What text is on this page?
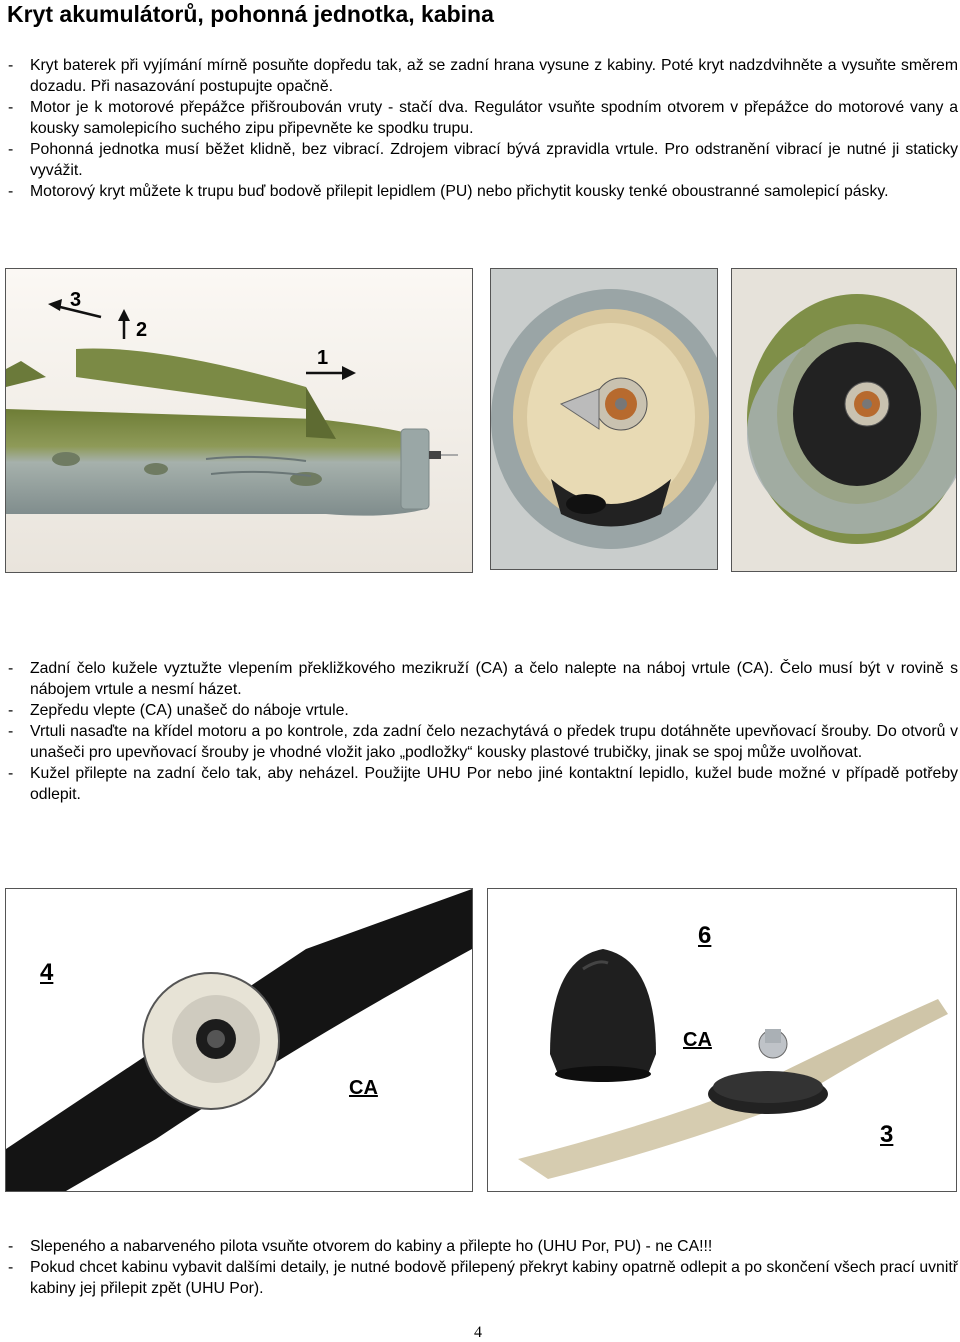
Kryt akumulátorů, pohonná jednotka, kabina
- Kryt baterek při vyjímání mírně posuňte dopředu tak, až se zadní hrana vysune z kabiny. Poté kryt nadzdvihněte a vysuňte směrem dozadu. Při nasazování postupujte opačně.
- Motor je k motorové přepážce přišroubován vruty - stačí dva. Regulátor vsuňte spodním otvorem v přepážce do motorové vany a kousky samolepicího suchého zipu připevněte ke spodku trupu.
- Pohonná jednotka musí běžet klidně, bez vibrací. Zdrojem vibrací bývá zpravidla vrtule. Pro odstranění vibrací je nutné ji staticky vyvážit.
- Motorový kryt můžete k trupu buď bodově přilepit lepidlem (PU) nebo přichytit kousky tenké oboustranné samolepicí pásky.
3
2
1
- Zadní čelo kužele vyztužte vlepením překližkového mezikruží (CA) a čelo nalepte na náboj vrtule (CA). Čelo musí být v rovině s nábojem vrtule a nesmí házet.
- Zepředu vlepte (CA) unašeč do náboje vrtule.
- Vrtuli nasaďte na křídel motoru a po kontrole, zda zadní čelo nezachytává o předek trupu dotáhněte upevňovací šrouby. Do otvorů v unašeči pro upevňovací šrouby je vhodné vložit jako „podložky“ kousky plastové trubičky, jinak se spoj může uvolňovat.
- Kužel přilepte na zadní čelo tak, aby neházel. Použijte UHU Por nebo jiné kontaktní lepidlo, kužel bude možné v případě potřeby odlepit.
4
CA
6
CA
3
- Slepeného a nabarveného pilota vsuňte otvorem do kabiny a přilepte ho (UHU Por, PU) - ne CA!!!
- Pokud chcet kabinu vybavit dalšími detaily, je nutné bodově přilepený překryt kabiny opatrně odlepit a po skončení všech prací uvnitř kabiny jej přilepit zpět (UHU Por).
4
